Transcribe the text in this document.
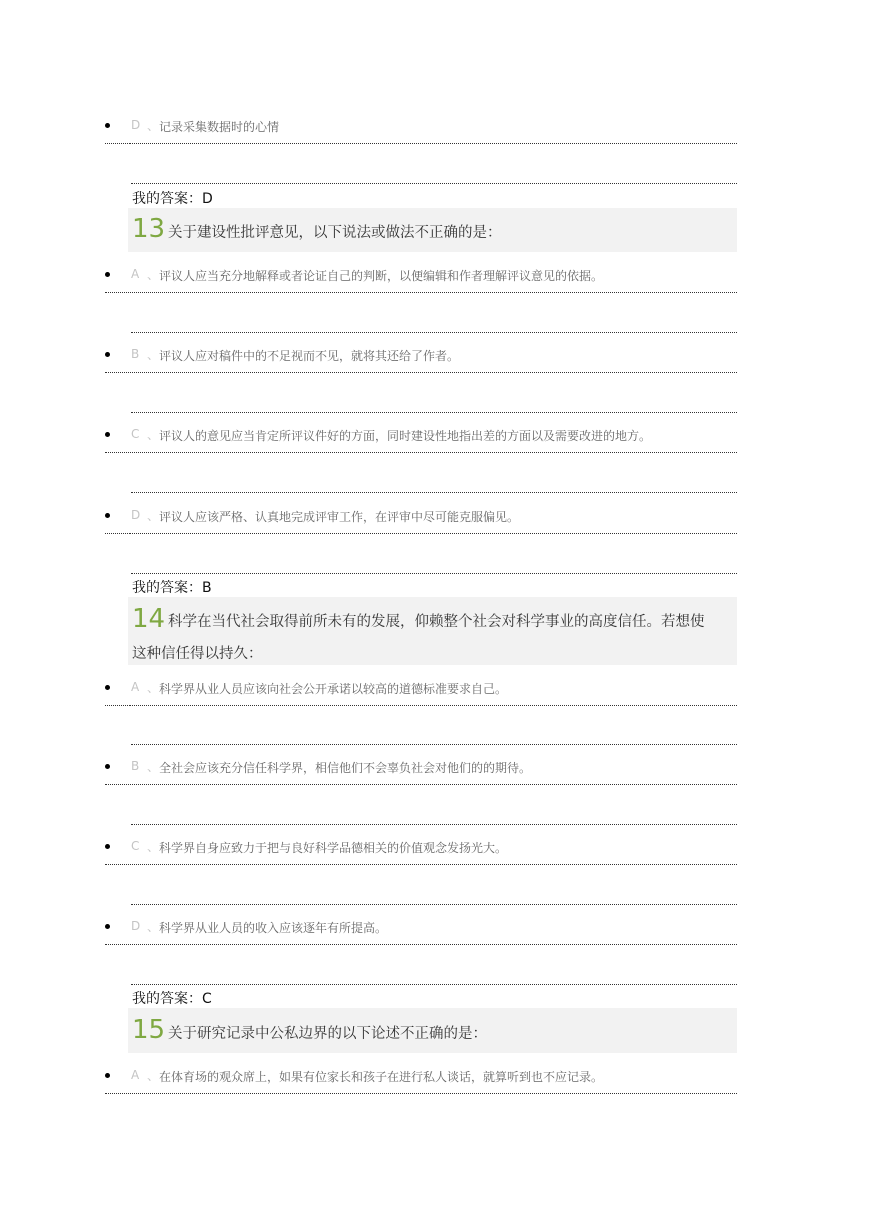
D 、 记录采集数据时的心情
我的答案：D
13 关于建设性批评意见，以下说法或做法不正确的是：
A 、 评议人应当充分地解释或者论证自己的判断，以便编辑和作者理解评议意见的依据。
B 、 评议人应对稿件中的不足视而不见，就将其还给了作者。
C 、 评议人的意见应当肯定所评议件好的方面，同时建设性地指出差的方面以及需要改进的地方。
D 、 评议人应该严格、认真地完成评审工作，在评审中尽可能克服偏见。
我的答案：B
14 科学在当代社会取得前所未有的发展，仰赖整个社会对科学事业的高度信任。若想使
这种信任得以持久：
A 、 科学界从业人员应该向社会公开承诺以较高的道德标准要求自己。
B 、 全社会应该充分信任科学界，相信他们不会辜负社会对他们的的期待。
C 、 科学界自身应致力于把与良好科学品德相关的价值观念发扬光大。
D 、 科学界从业人员的收入应该逐年有所提高。
我的答案：C
15 关于研究记录中公私边界的以下论述不正确的是：
A 、 在体育场的观众席上，如果有位家长和孩子在进行私人谈话，就算听到也不应记录。
